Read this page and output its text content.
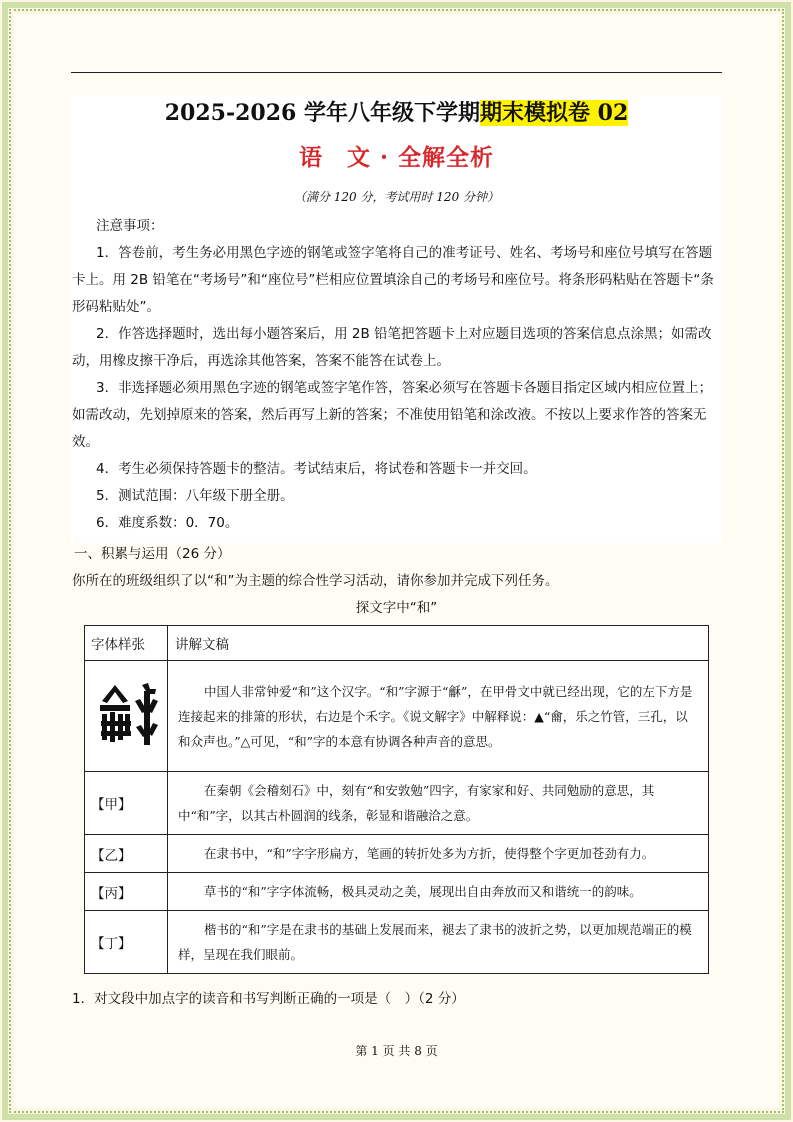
2025-2026 学年八年级下学期期末模拟卷 02
语　文 · 全解全析
（满分 120 分，考试用时 120 分钟）
注意事项：

1．答卷前，考生务必用黑色字迹的钢笔或签字笔将自己的准考证号、姓名、考场号和座位号填写在答题卡上。用 2B 铅笔在“考场号”和“座位号”栏相应位置填涂自己的考场号和座位号。将条形码粘贴在答题卡“条形码粘贴处”。

2．作答选择题时，选出每小题答案后，用 2B 铅笔把答题卡上对应题目选项的答案信息点涂黑；如需改动，用橡皮擦干净后，再选涂其他答案，答案不能答在试卷上。

3．非选择题必须用黑色字迹的钢笔或签字笔作答，答案必须写在答题卡各题目指定区域内相应位置上；如需改动，先划掉原来的答案，然后再写上新的答案；不准使用铅笔和涂改液。不按以上要求作答的答案无效。

4．考生必须保持答题卡的整洁。考试结束后，将试卷和答题卡一并交回。

5．测试范围：八年级下册全册。

6．难度系数：0．70。

一、积累与运用（26 分）
你所在的班级组织了以“和”为主题的综合性学习活动，请你参加并完成下列任务。
探文字中“和”
字体样张	讲解文稿
	中国人非常钟爱“和”这个汉字。“和”字源于“龢”，在甲骨文中就已经出现，它的左下方是连接起来的排箫的形状，右边是个禾字。《说文解字》中解释说：▲“龠，乐之竹管，三孔，以和众声也。”△可见，“和”字的本意有协调各种声音的意思。
【甲】	在秦朝《会稽刻石》中，刻有“和安敦勉”四字，有家家和好、共同勉励的意思，其中“和”字，以其古朴圆润的线条，彰显和谐融洽之意。
【乙】	在隶书中，“和”字字形扁方，笔画的转折处多为方折，使得整个字更加苍劲有力。
【丙】	草书的“和”字字体流畅，极具灵动之美，展现出自由奔放而又和谐统一的韵味。
【丁】	楷书的“和”字是在隶书的基础上发展而来，褪去了隶书的波折之势，以更加规范端正的模样，呈现在我们眼前。
1．对文段中加点字的读音和书写判断正确的一项是（　）（2 分）
第 1 页 共 8 页
